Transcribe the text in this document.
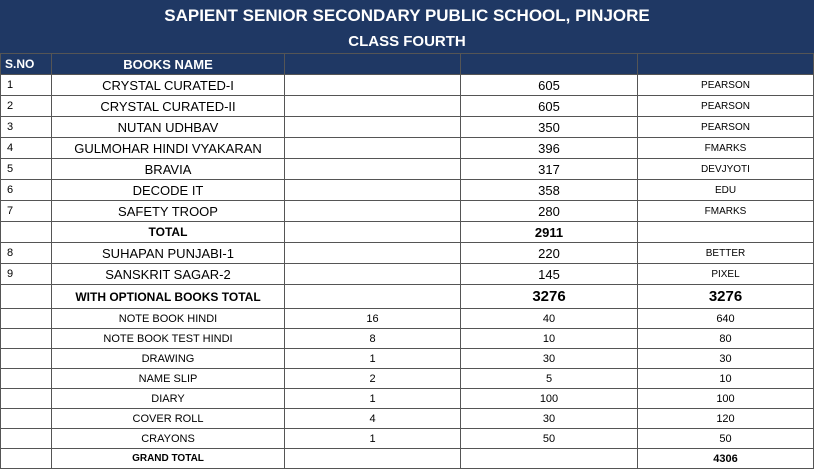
SAPIENT SENIOR SECONDARY PUBLIC SCHOOL, PINJORE
CLASS FOURTH
S.NO	BOOKS NAME			
1	CRYSTAL CURATED-I		605	PEARSON
2	CRYSTAL CURATED-II		605	PEARSON
3	NUTAN UDHBAV		350	PEARSON
4	GULMOHAR HINDI VYAKARAN		396	FMARKS
5	BRAVIA		317	DEVJYOTI
6	DECODE IT		358	EDU
7	SAFETY TROOP		280	FMARKS
	TOTAL		2911	
8	SUHAPAN PUNJABI-1		220	BETTER
9	SANSKRIT SAGAR-2		145	PIXEL
	WITH OPTIONAL BOOKS TOTAL		3276	3276
	NOTE BOOK HINDI	16	40	640
	NOTE BOOK TEST HINDI	8	10	80
	DRAWING	1	30	30
	NAME SLIP	2	5	10
	DIARY	1	100	100
	COVER ROLL	4	30	120
	CRAYONS	1	50	50
	GRAND TOTAL			4306
